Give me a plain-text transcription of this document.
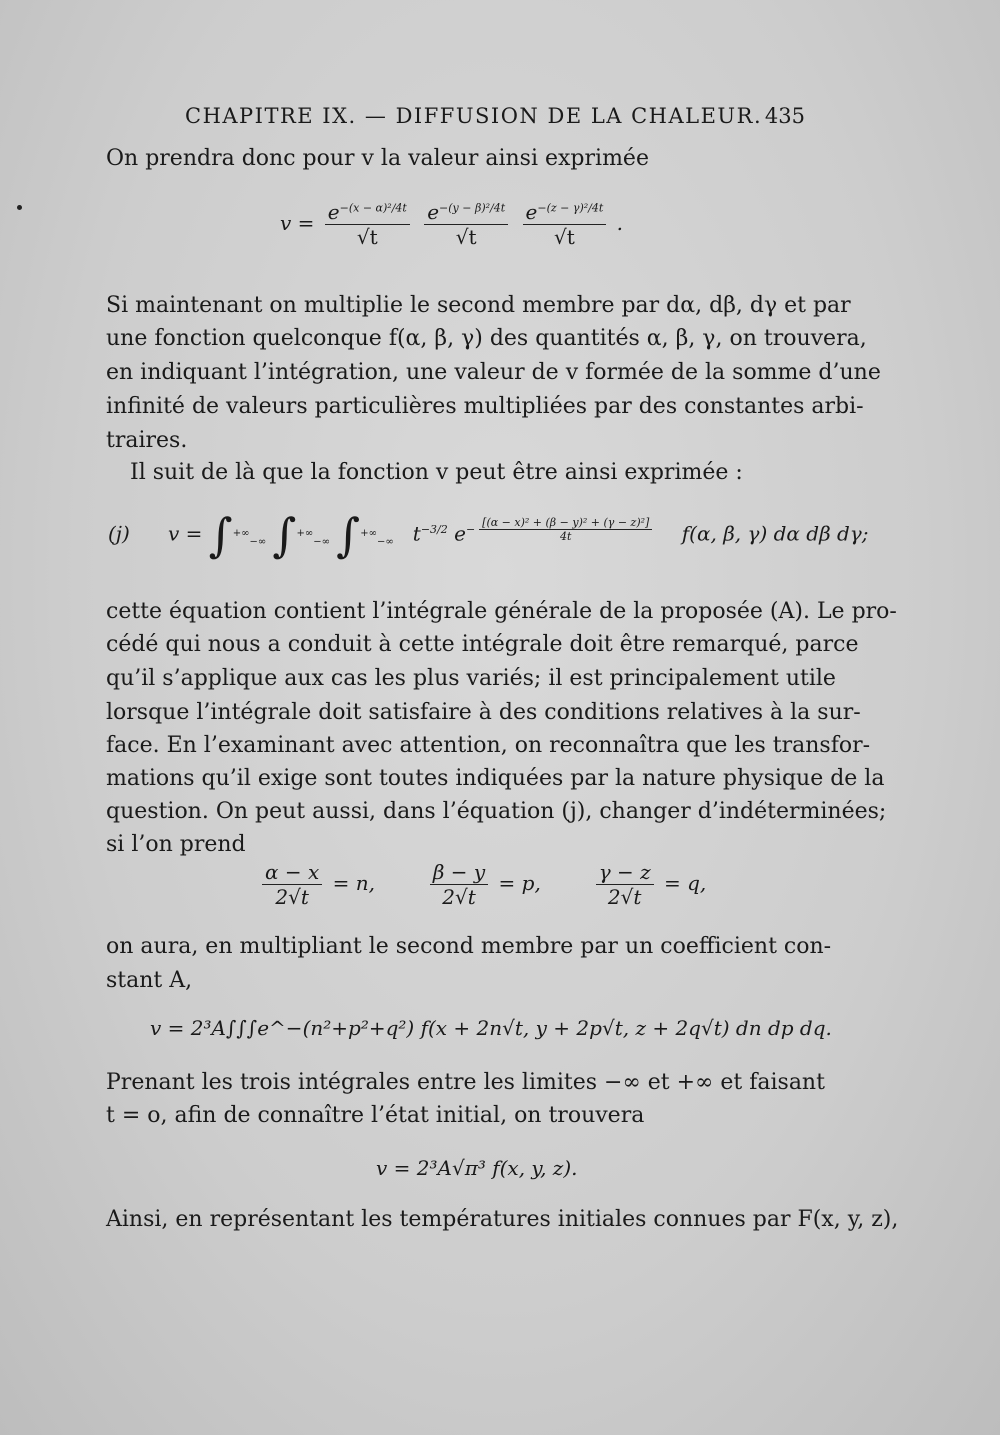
CHAPITRE IX. — DIFFUSION DE LA CHALEUR. 435
On prendra donc pour v la valeur ainsi exprimée
$v = \frac{e^{-(x - \alpha)^2/4t}}{√t}$
$\frac{e^{-(y - \beta)^2/4t}}{√t}$
$\frac{e^{-(z - \gamma)^2/4t}}{√t}$ .
Si maintenant on multiplie le second membre par dα, dβ, dγ et par
une fonction quelconque f(α, β, γ) des quantités α, β, γ, on trouvera,
en indiquant l’intégration, une valeur de v formée de la somme d’une
infinité de valeurs particulières multipliées par des constantes arbi-
traires.
Il suit de là que la fonction v peut être ainsi exprimée :
(j) $v = \int^{+\infty}_{-\infty}$ $\int^{+\infty}_{-\infty}$ $\int^{+\infty}_{-\infty}$ $t^{-3/2}$ $e^{- \frac{\text{[(α − x)² + (β − y)² + (γ − z)²]}}{4t}}$ f(α, β, γ) dα dβ dγ;
cette équation contient l’intégrale générale de la proposée (A). Le pro-
cédé qui nous a conduit à cette intégrale doit être remarqué, parce
qu’il s’applique aux cas les plus variés; il est principalement utile
lorsque l’intégrale doit satisfaire à des conditions relatives à la sur-
face. En l’examinant avec attention, on reconnaîtra que les transfor-
mations qu’il exige sont toutes indiquées par la nature physique de la
question. On peut aussi, dans l’équation (j), changer d’indéterminées;
si l’on prend
$\frac{\alpha - x}{2√t} = n$,	$\frac{\beta - y}{2√t} = p$,	$\frac{\gamma - z}{2√t} = q$,
on aura, en multipliant le second membre par un coefficient con-
stant A,
v = 2³A∫∫∫e^−(n²+p²+q²) f(x + 2n√t, y + 2p√t, z + 2q√t) dn dp dq.
Prenant les trois intégrales entre les limites −∞ et +∞ et faisant
t = o, afin de connaître l’état initial, on trouvera
v = 2³A√π³ f(x, y, z).
Ainsi, en représentant les températures initiales connues par F(x, y, z),
